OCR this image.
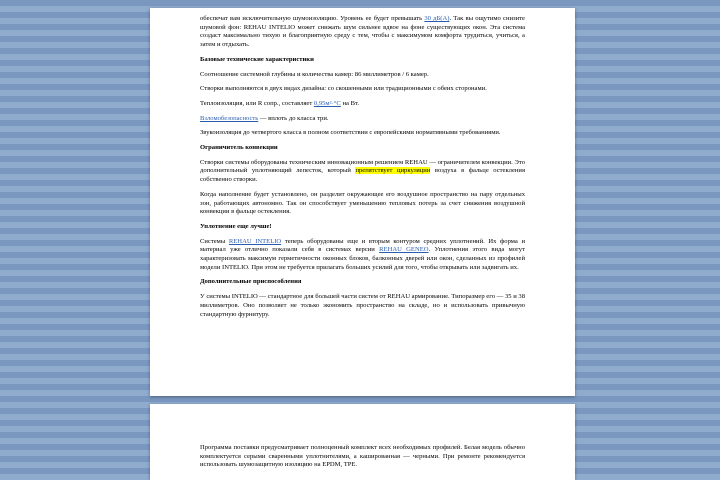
обеспечат вам исключительную шумоизоляцию. Уровень ее будет превышать 30 дБ(А). Так вы ощутимо снизите шумовой фон: REHAU INTELIO может снижать шум сильнее вдвое на фоне существующих окон. Эта система создаст максимально тихую и благоприятную среду с тем, чтобы с максимумом комфорта трудиться, учиться, а затем и отдыхать.

Базовые технические характеристики

Соотношение системной глубины и количества камер: 86 миллиметров / 6 камер.

Створки выполняются в двух видах дизайна: со скошенными или традиционными с обеих сторонами.

Теплоизоляция, или R сопр., составляет 0,95м²·°С на Вт.

Взломобезопасность — вплоть до класса три.

Звукоизоляция до четвертого класса в полном соответствии с европейскими нормативными требованиями.

Ограничитель конвекции

Створки системы оборудованы техническим инновационным решением REHAU — ограничителем конвекции. Это дополнительный уплотняющий лепесток, который препятствует циркуляции воздуха в фальце остекления собственно створки.

Когда наполнение будет установлено, он разделит окружающее его воздушное пространство на пару отдельных зон, работающих автономно. Так он способствует уменьшению тепловых потерь за счет снижения воздушной конвекции в фальце остекления.

Уплотнение еще лучше!

Системы REHAU INTELIO теперь оборудованы еще и вторым контуром средних уплотнений. Их форма и материал уже отлично показали себя в системах версии REHAU GENEO. Уплотнения этого вида могут характеризовать максимум герметичности оконных блоков, балконных дверей или окон, сделанных из профилей модели INTELIO. При этом не требуется прилагать больших усилий для того, чтобы открывать или задвигать их.

Дополнительные приспособления

У системы INTELIO — стандартное для большей части систем от REHAU армирование. Типоразмер его — 35 и 38 миллиметров. Оно позволяет не только экономить пространство на складе, но и использовать привычную стандартную фурнитуру.

Программа поставки предусматривает полноценный комплект всех необходимых профилей. Белая модель обычно комплектуется серыми сваренными уплотнителями, а кашированная — черными. При ремонте рекомендуется использовать шумозащитную изоляцию на EPDM, TPE.
